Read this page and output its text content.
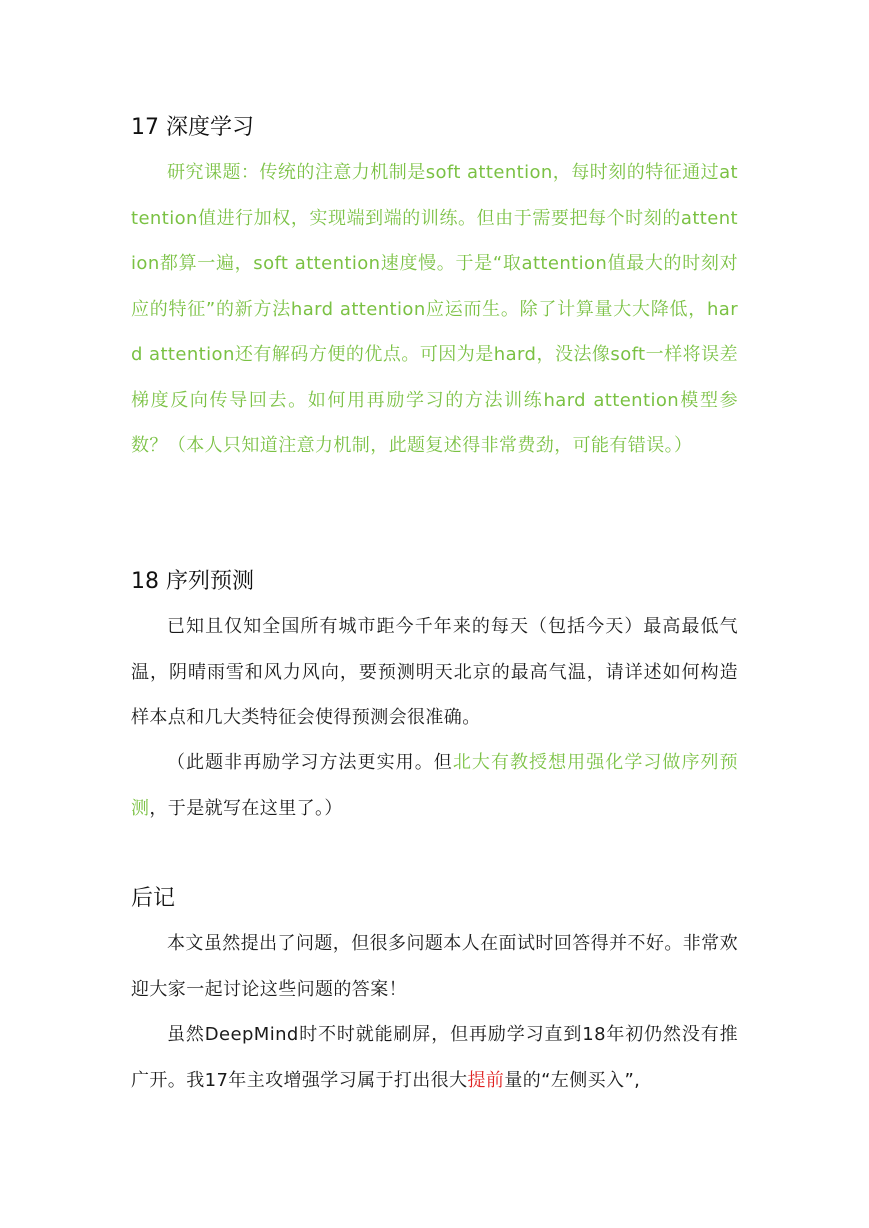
17 深度学习

研究课题：传统的注意力机制是soft attention，每时刻的特征通过attention值进行加权，实现端到端的训练。但由于需要把每个时刻的attention都算一遍，soft attention速度慢。于是“取attention值最大的时刻对应的特征”的新方法hard attention应运而生。除了计算量大大降低，hard attention还有解码方便的优点。可因为是hard，没法像soft一样将误差梯度反向传导回去。如何用再励学习的方法训练hard attention模型参数？（本人只知道注意力机制，此题复述得非常费劲，可能有错误。）

18 序列预测

已知且仅知全国所有城市距今千年来的每天（包括今天）最高最低气温，阴晴雨雪和风力风向，要预测明天北京的最高气温，请详述如何构造样本点和几大类特征会使得预测会很准确。

（此题非再励学习方法更实用。但北大有教授想用强化学习做序列预测，于是就写在这里了。）

后记

本文虽然提出了问题，但很多问题本人在面试时回答得并不好。非常欢迎大家一起讨论这些问题的答案！

虽然DeepMind时不时就能刷屏，但再励学习直到18年初仍然没有推广开。我17年主攻增强学习属于打出很大提前量的“左侧买入”,
